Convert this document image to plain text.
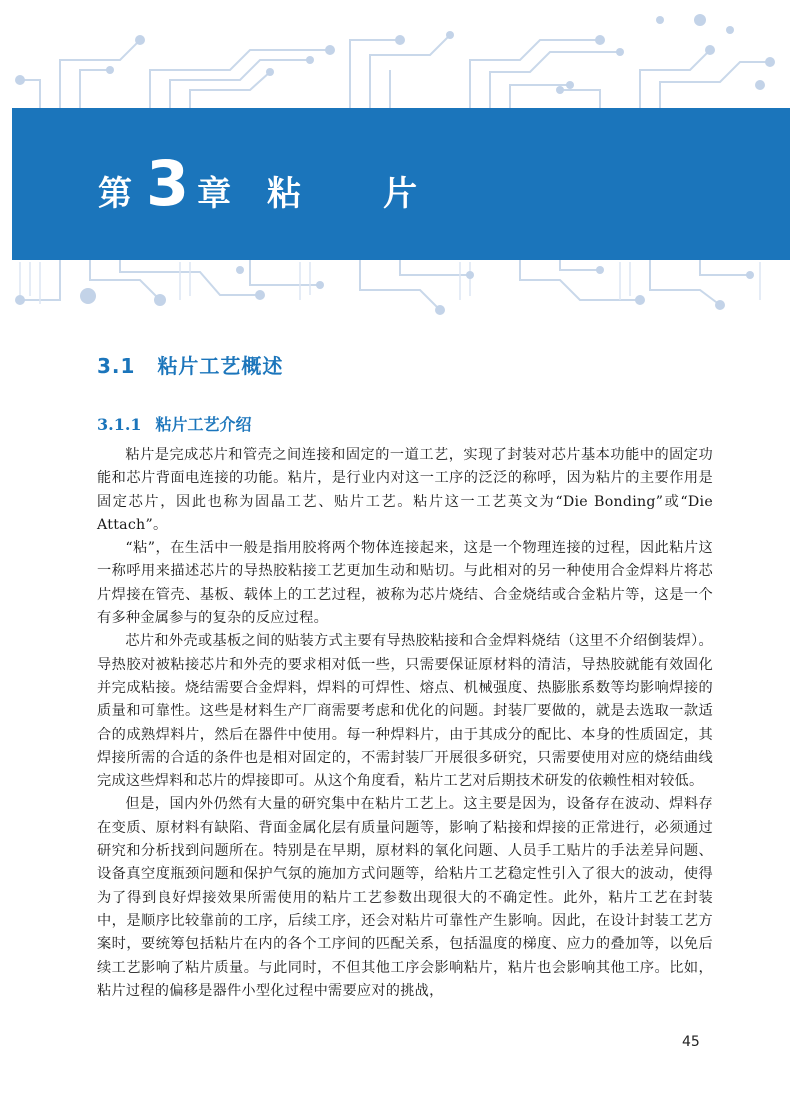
第 3 章 粘片
3.1 粘片工艺概述
3.1.1 粘片工艺介绍

粘片是完成芯片和管壳之间连接和固定的一道工艺，实现了封装对芯片基本功能中的固定功能和芯片背面电连接的功能。粘片，是行业内对这一工序的泛泛的称呼，因为粘片的主要作用是固定芯片，因此也称为固晶工艺、贴片工艺。粘片这一工艺英文为“Die Bonding”或“Die Attach”。

“粘”，在生活中一般是指用胶将两个物体连接起来，这是一个物理连接的过程，因此粘片这一称呼用来描述芯片的导热胶粘接工艺更加生动和贴切。与此相对的另一种使用合金焊料片将芯片焊接在管壳、基板、载体上的工艺过程，被称为芯片烧结、合金烧结或合金粘片等，这是一个有多种金属参与的复杂的反应过程。

芯片和外壳或基板之间的贴装方式主要有导热胶粘接和合金焊料烧结（这里不介绍倒装焊）。导热胶对被粘接芯片和外壳的要求相对低一些，只需要保证原材料的清洁，导热胶就能有效固化并完成粘接。烧结需要合金焊料，焊料的可焊性、熔点、机械强度、热膨胀系数等均影响焊接的质量和可靠性。这些是材料生产厂商需要考虑和优化的问题。封装厂要做的，就是去选取一款适合的成熟焊料片，然后在器件中使用。每一种焊料片，由于其成分的配比、本身的性质固定，其焊接所需的合适的条件也是相对固定的，不需封装厂开展很多研究，只需要使用对应的烧结曲线完成这些焊料和芯片的焊接即可。从这个角度看，粘片工艺对后期技术研发的依赖性相对较低。

但是，国内外仍然有大量的研究集中在粘片工艺上。这主要是因为，设备存在波动、焊料存在变质、原材料有缺陷、背面金属化层有质量问题等，影响了粘接和焊接的正常进行，必须通过研究和分析找到问题所在。特别是在早期，原材料的氧化问题、人员手工贴片的手法差异问题、设备真空度瓶颈问题和保护气氛的施加方式问题等，给粘片工艺稳定性引入了很大的波动，使得为了得到良好焊接效果所需使用的粘片工艺参数出现很大的不确定性。此外，粘片工艺在封装中，是顺序比较靠前的工序，后续工序，还会对粘片可靠性产生影响。因此，在设计封装工艺方案时，要统筹包括粘片在内的各个工序间的匹配关系，包括温度的梯度、应力的叠加等，以免后续工艺影响了粘片质量。与此同时，不但其他工序会影响粘片，粘片也会影响其他工序。比如，粘片过程的偏移是器件小型化过程中需要应对的挑战，

45
